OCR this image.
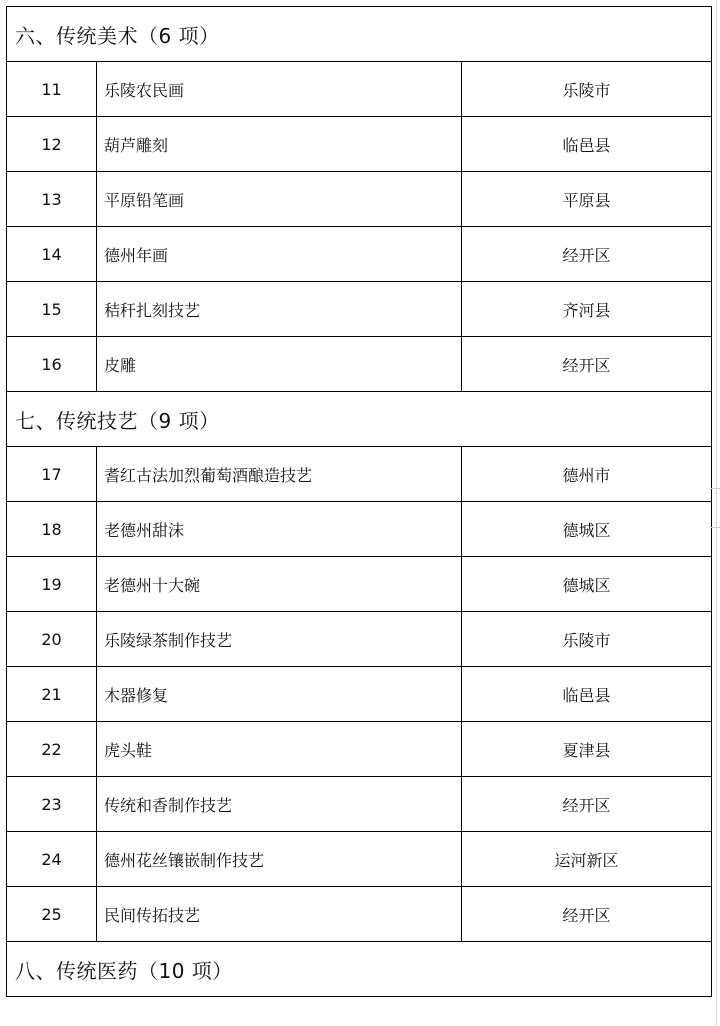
六、传统美术（6 项）		
11	乐陵农民画	乐陵市
12	葫芦雕刻	临邑县
13	平原铅笔画	平原县
14	德州年画	经开区
15	秸秆扎刻技艺	齐河县
16	皮雕	经开区
七、传统技艺（9 项）		
17	耆红古法加烈葡萄酒酿造技艺	德州市
18	老德州甜沫	德城区
19	老德州十大碗	德城区
20	乐陵绿茶制作技艺	乐陵市
21	木器修复	临邑县
22	虎头鞋	夏津县
23	传统和香制作技艺	经开区
24	德州花丝镶嵌制作技艺	运河新区
25	民间传拓技艺	经开区
八、传统医药（10 项）		
